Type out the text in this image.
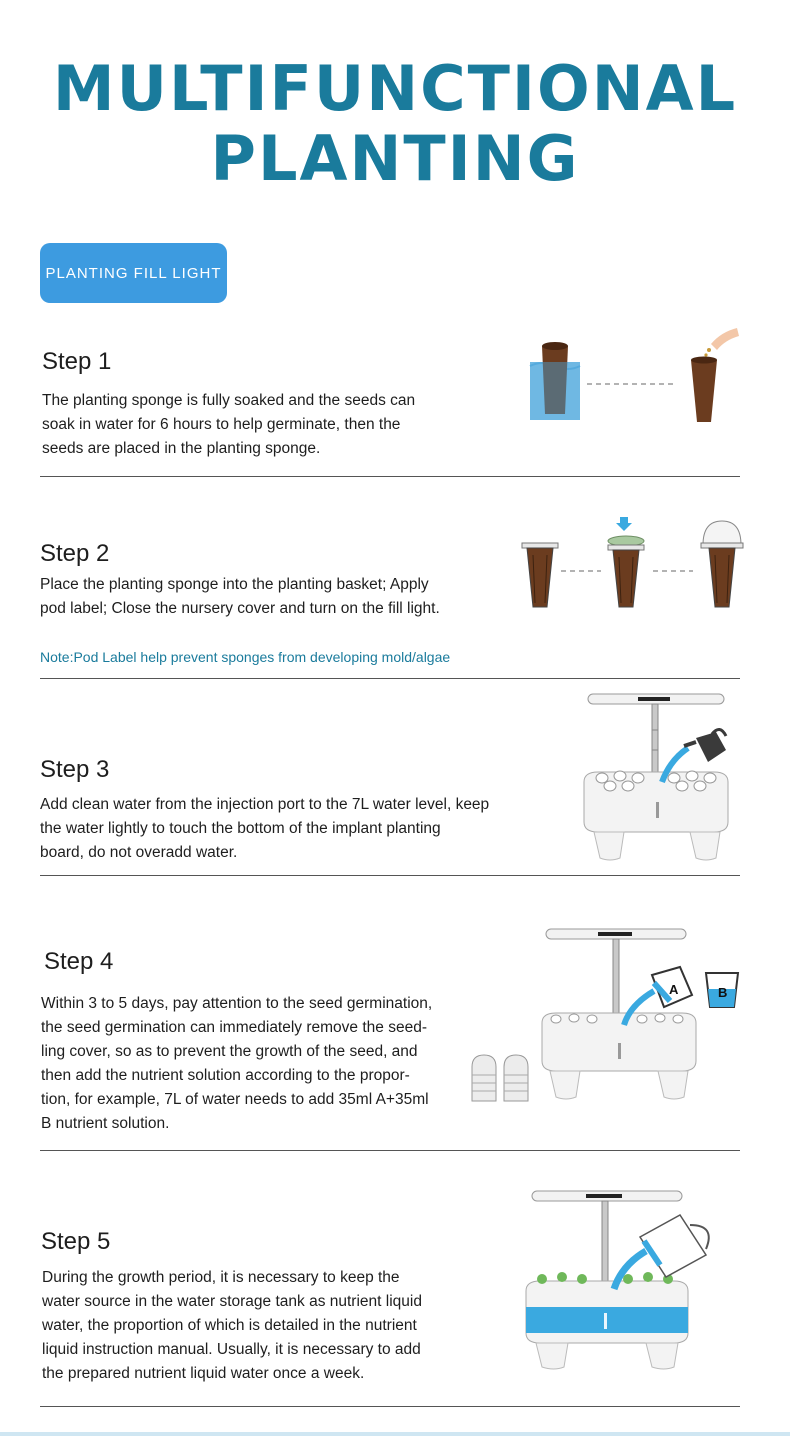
MULTIFUNCTIONAL
PLANTING
PLANTING FILL LIGHT
Step 1
The planting sponge is fully soaked and the seeds can
soak in water for 6 hours to help germinate, then the
seeds are placed in the planting sponge.
Step 2
Place the planting sponge into the planting basket; Apply
pod label; Close the nursery cover and turn on the fill light.
Note:Pod Label help prevent sponges from developing mold/algae
Step 3
Add clean water from the injection port to the 7L water level, keep
the water lightly to touch the bottom of the implant planting
board, do not overadd water.
Step 4
Within 3 to 5 days, pay attention to the seed germination,
the seed germination can immediately remove the seed-
ling cover, so as to prevent the growth of the seed, and
then add the nutrient solution according to the propor-
tion, for example, 7L of water needs to add 35ml A+35ml
B nutrient solution.
A	B
Step 5
During the growth period, it is necessary to keep the
water source in the water storage tank as nutrient liquid
water, the proportion of which is detailed in the nutrient
liquid instruction manual. Usually, it is necessary to add
the prepared nutrient liquid water once a week.
